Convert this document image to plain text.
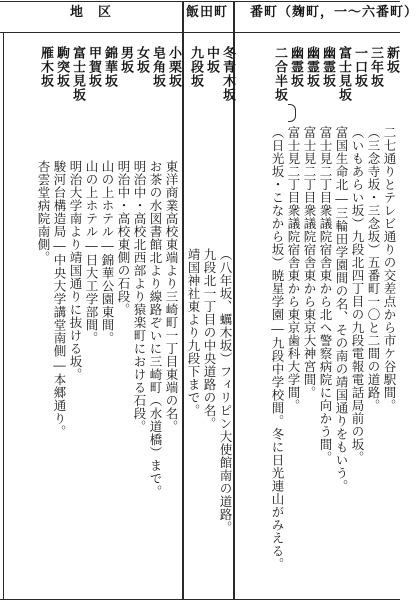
番町（麹町，一～六番町）
飯田町
地　区
新坂
三年坂
一口坂
富士見坂
幽霊坂
幽霊坂
幽霊坂
二合半坂
二七通りとテレビ通りの交差点から市ケ谷駅間。
（三念寺坂・三念坂）五番町一〇と二間の道路。
（いもあらい坂）九段北四丁目の九段電報電話局前の坂。
富国生命北―三輪田学園間の名、その南の靖国通りをもいう。
富士見二丁目衆議院宿舎東から北へ警察病院に向かう間。
富士見二丁目衆議院宿舎東から東京大神宮間。
富士見二丁目衆議院宿舎東から東京歯科大学間。
（日光坂・こなから坂）暁星学園―九段中学校間。冬に日光連山がみえる。
冬青木坂
中坂
九段坂
（八年坂、蠣木坂）フィリピン大使館南の道路。
九段北一丁目の中央道路の名。
靖国神社東より九段下まで。
小栗坂
皂角坂
女坂
男坂
錦華坂
甲賀坂
富士見坂
駒突坂
雁木坂
東洋商業高校東端より三崎町一丁目東端の名。
お茶の水図書館北より線路ぞいに三崎町（水道橋）まで。
明治中・高校北西部より猿楽町における石段。
明治中・高校東側の石段。
山の上ホテル―錦華公園東間。
山の上ホテル―日大工学部間。
明治大学南より靖国通りに抜ける坂。
駿河台構造局―中央大学講堂南側―本郷通り。
杏雲堂病院南側。
